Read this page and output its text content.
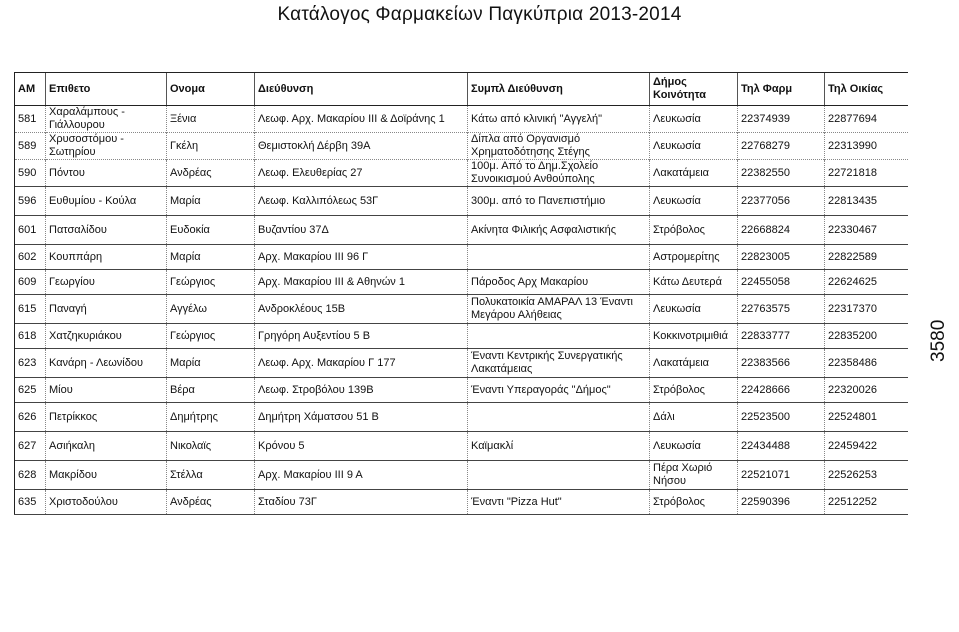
Κατάλογος Φαρμακείων Παγκύπρια 2013-2014
3580
ΑΜ	Επιθετο	Ονομα	Διεύθυνση	Συμπλ Διεύθυνση	Δήμος Κοινότητα	Τηλ Φαρμ	Τηλ Οικίας
581	Χαραλάμπους - Γιάλλουρου	Ξένια	Λεωφ. Αρχ. Μακαρίου ΙΙΙ & Δοϊράνης 1	Κάτω από κλινική "Αγγελή"	Λευκωσία	22374939	22877694
589	Χρυσοστόμου - Σωτηρίου	Γκέλη	Θεμιστοκλή Δέρβη 39Α	Δίπλα από Οργανισμό Χρηματοδότησης Στέγης	Λευκωσία	22768279	22313990
590	Πόντου	Ανδρέας	Λεωφ. Ελευθερίας 27	100μ. Από το Δημ.Σχολείο Συνοικισμού Ανθούπολης	Λακατάμεια	22382550	22721818
596	Ευθυμίου - Κούλα	Μαρία	Λεωφ. Καλλιπόλεως 53Γ	300μ. από το Πανεπιστήμιο	Λευκωσία	22377056	22813435
601	Πατσαλίδου	Ευδοκία	Βυζαντίου 37Δ	Ακίνητα Φιλικής Ασφαλιστικής	Στρόβολος	22668824	22330467
602	Κουππάρη	Μαρία	Αρχ. Μακαρίου ΙΙΙ 96 Γ		Αστρομερίτης	22823005	22822589
609	Γεωργίου	Γεώργιος	Αρχ. Μακαρίου ΙΙΙ & Αθηνών 1	Πάροδος Αρχ Μακαρίου	Κάτω Δευτερά	22455058	22624625
615	Παναγή	Αγγέλω	Ανδροκλέους 15Β	Πολυκατοικία ΑΜΑΡΑΛ 13 Έναντι Μεγάρου Αλήθειας	Λευκωσία	22763575	22317370
618	Χατζηκυριάκου	Γεώργιος	Γρηγόρη Αυξεντίου 5 Β		Κοκκινοτριμιθιά	22833777	22835200
623	Κανάρη - Λεωνίδου	Μαρία	Λεωφ. Αρχ. Μακαρίου Γ 177	Έναντι Κεντρικής Συνεργατικής Λακατάμειας	Λακατάμεια	22383566	22358486
625	Μίου	Βέρα	Λεωφ. Στροβόλου 139Β	Έναντι Υπεραγοράς "Δήμος"	Στρόβολος	22428666	22320026
626	Πετρίκκος	Δημήτρης	Δημήτρη Χάματσου 51 Β		Δάλι	22523500	22524801
627	Ασιήκαλη	Νικολαϊς	Κρόνου 5	Καϊμακλί	Λευκωσία	22434488	22459422
628	Μακρίδου	Στέλλα	Αρχ. Μακαρίου ΙΙΙ 9 Α		Πέρα Χωριό Νήσου	22521071	22526253
635	Χριστοδούλου	Ανδρέας	Σταδίου 73Γ	Έναντι "Pizza Hut"	Στρόβολος	22590396	22512252
